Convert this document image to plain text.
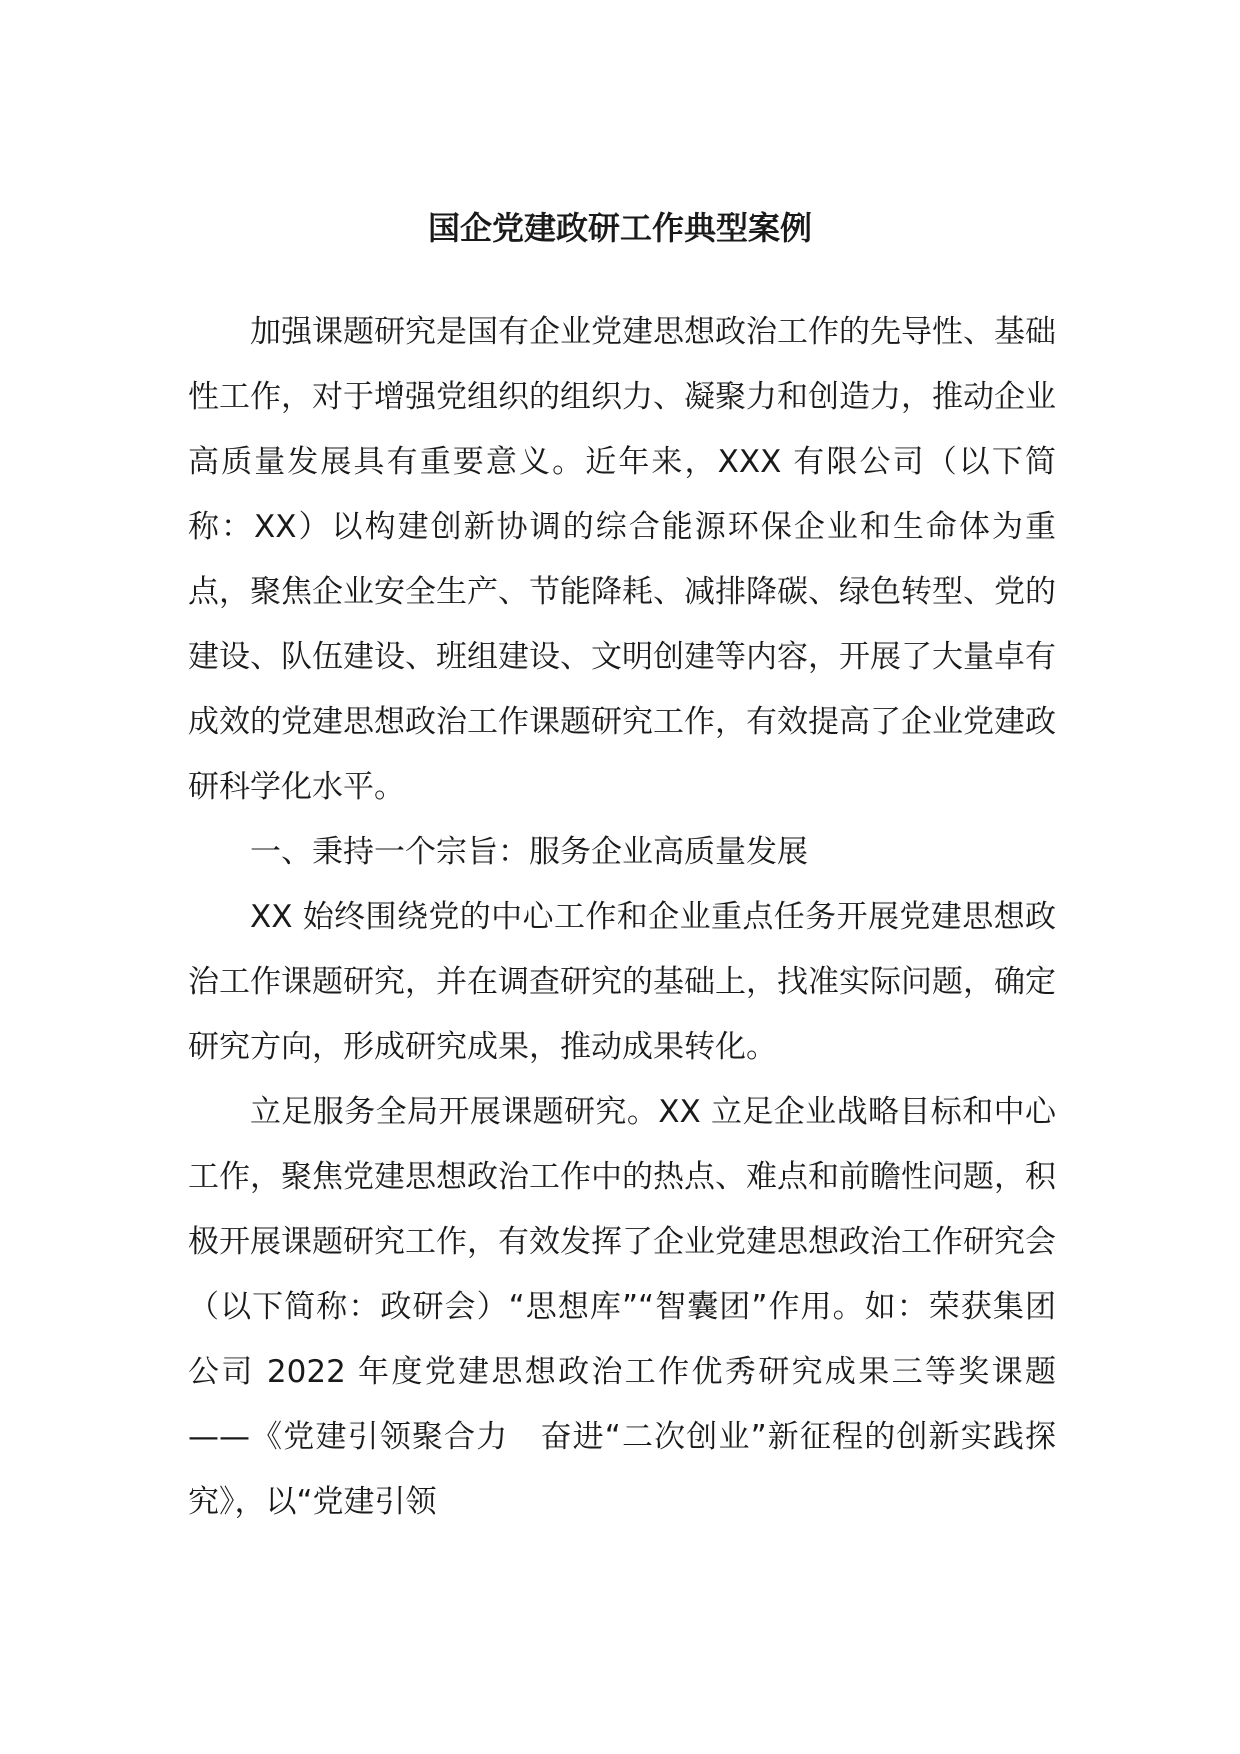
国企党建政研工作典型案例

加强课题研究是国有企业党建思想政治工作的先导性、基础性工作，对于增强党组织的组织力、凝聚力和创造力，推动企业高质量发展具有重要意义。近年来，XXX 有限公司（以下简称：XX）以构建创新协调的综合能源环保企业和生命体为重点，聚焦企业安全生产、节能降耗、减排降碳、绿色转型、党的建设、队伍建设、班组建设、文明创建等内容，开展了大量卓有成效的党建思想政治工作课题研究工作，有效提高了企业党建政研科学化水平。

一、秉持一个宗旨：服务企业高质量发展

XX 始终围绕党的中心工作和企业重点任务开展党建思想政治工作课题研究，并在调查研究的基础上，找准实际问题，确定研究方向，形成研究成果，推动成果转化。

立足服务全局开展课题研究。XX 立足企业战略目标和中心工作，聚焦党建思想政治工作中的热点、难点和前瞻性问题，积极开展课题研究工作，有效发挥了企业党建思想政治工作研究会（以下简称：政研会）“思想库”“智囊团”作用。如：荣获集团公司 2022 年度党建思想政治工作优秀研究成果三等奖课题——《党建引领聚合力　奋进“二次创业”新征程的创新实践探究》，以“党建引领
